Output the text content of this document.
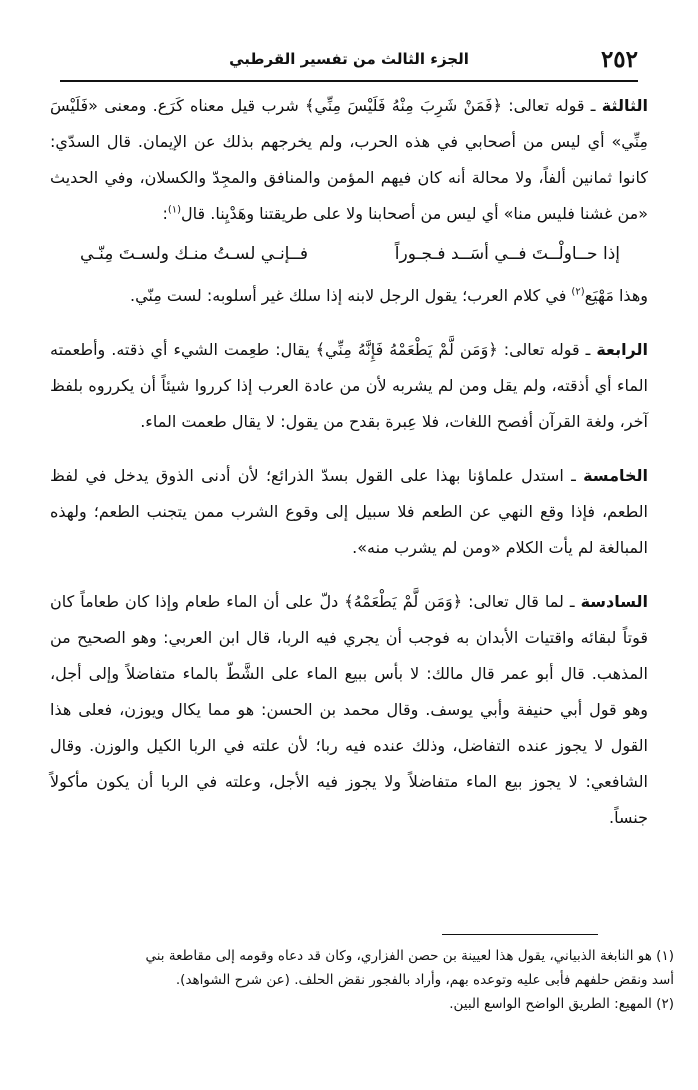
٢٥٢
الجزء الثالث من تفسير القرطبي

الثالثة ـ قوله تعالى: ﴿فَمَنْ شَرِبَ مِنْهُ فَلَيْسَ مِنِّي﴾ شرب قيل معناه كَرَع. ومعنى «فَلَيْسَ مِنِّي» أي ليس من أصحابي في هذه الحرب، ولم يخرجهم بذلك عن الإيمان. قال السدّي: كانوا ثمانين ألفاً، ولا محالة أنه كان فيهم المؤمن والمنافق والمجِدّ والكسلان، وفي الحديث «من غشنا فليس منا» أي ليس من أصحابنا ولا على طريقتنا وهَدْيِنا. قال$^{(١)}$:

إذا حــاولْــتَ فــي أسَــد فـجـوراً
فــإنـي لسـتُ منـك ولسـتَ مِنّـي

وهذا مَهْيَع$^{(٢)}$ في كلام العرب؛ يقول الرجل لابنه إذا سلك غير أسلوبه: لست مِنّي.

الرابعة ـ قوله تعالى: ﴿وَمَن لَّمْ يَطْعَمْهُ فَإِنَّهُ مِنِّي﴾ يقال: طعِمت الشيء أي ذقته. وأطعمته الماء أي أذقته، ولم يقل ومن لم يشربه لأن من عادة العرب إذا كرروا شيئاً أن يكرروه بلفظ آخر، ولغة القرآن أفصح اللغات، فلا عِبرة بقدح من يقول: لا يقال طعمت الماء.

الخامسة ـ استدل علماؤنا بهذا على القول بسدّ الذرائع؛ لأن أدنى الذوق يدخل في لفظ الطعم، فإذا وقع النهي عن الطعم فلا سبيل إلى وقوع الشرب ممن يتجنب الطعم؛ ولهذه المبالغة لم يأت الكلام «ومن لم يشرب منه».

السادسة ـ لما قال تعالى: ﴿وَمَن لَّمْ يَطْعَمْهُ﴾ دلّ على أن الماء طعام وإذا كان طعاماً كان قوتاً لبقائه واقتيات الأبدان به فوجب أن يجري فيه الربا، قال ابن العربي: وهو الصحيح من المذهب. قال أبو عمر قال مالك: لا بأس ببيع الماء على الشَّطّ بالماء متفاضلاً وإلى أجل، وهو قول أبي حنيفة وأبي يوسف. وقال محمد بن الحسن: هو مما يكال ويوزن، فعلى هذا القول لا يجوز عنده التفاضل، وذلك عنده فيه ربا؛ لأن علته في الربا الكيل والوزن. وقال الشافعي: لا يجوز بيع الماء متفاضلاً ولا يجوز فيه الأجل، وعلته في الربا أن يكون مأكولاً جنساً.

(١) هو النابغة الذبياني، يقول هذا لعيينة بن حصن الفزاري، وكان قد دعاه وقومه إلى مقاطعة بني

أسد ونقض حلفهم فأبى عليه وتوعده بهم، وأراد بالفجور نقض الحلف. (عن شرح الشواهد).

(٢) المهيع: الطريق الواضح الواسع البين.
